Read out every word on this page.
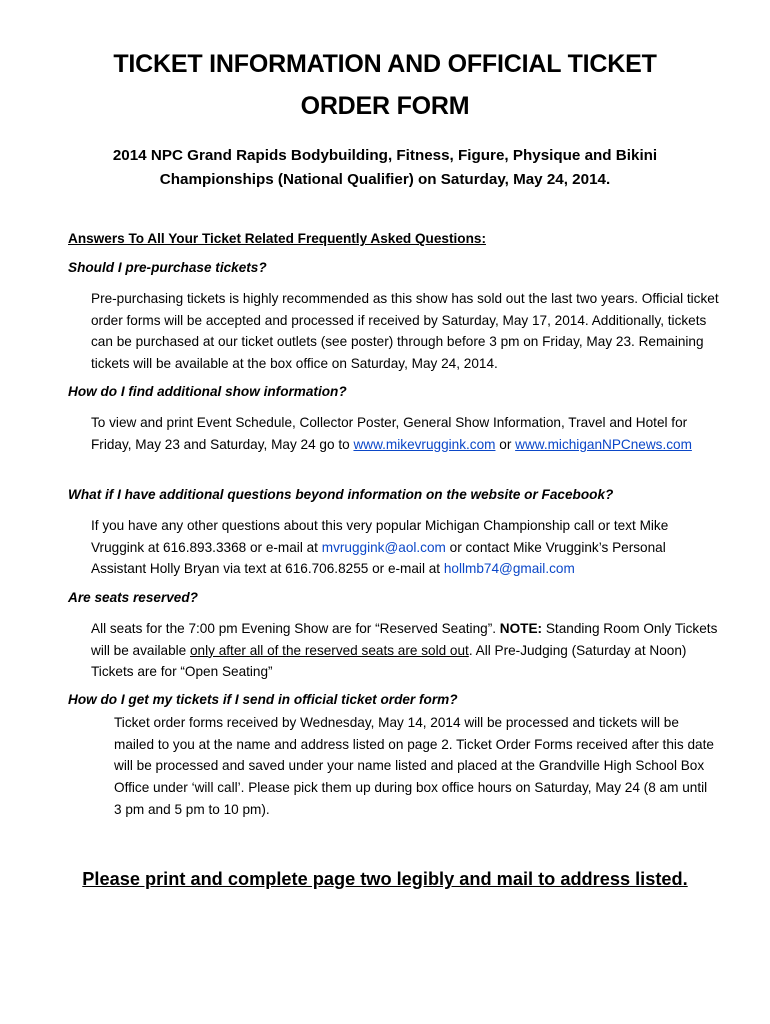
TICKET INFORMATION AND OFFICIAL TICKET
ORDER FORM
2014 NPC Grand Rapids Bodybuilding, Fitness, Figure, Physique and Bikini
Championships (National Qualifier) on Saturday, May 24, 2014.

Answers To All Your Ticket Related Frequently Asked Questions:

Should I pre-purchase tickets?

Pre-purchasing tickets is highly recommended as this show has sold out the last two years. Official ticket order forms will be accepted and processed if received by Saturday, May 17, 2014. Additionally, tickets can be purchased at our ticket outlets (see poster) through before 3 pm on Friday, May 23. Remaining tickets will be available at the box office on Saturday, May 24, 2014.

How do I find additional show information?

To view and print Event Schedule, Collector Poster, General Show Information, Travel and Hotel for Friday, May 23 and Saturday, May 24 go to www.mikevruggink.com or www.michiganNPCnews.com

What if I have additional questions beyond information on the website or Facebook?

If you have any other questions about this very popular Michigan Championship call or text Mike Vruggink at 616.893.3368 or e-mail at mvruggink@aol.com or contact Mike Vruggink’s Personal Assistant Holly Bryan via text at 616.706.8255 or e-mail at hollmb74@gmail.com

Are seats reserved?

All seats for the 7:00 pm Evening Show are for “Reserved Seating”. NOTE: Standing Room Only Tickets will be available only after all of the reserved seats are sold out. All Pre-Judging (Saturday at Noon) Tickets are for “Open Seating”

How do I get my tickets if I send in official ticket order form?

Ticket order forms received by Wednesday, May 14, 2014 will be processed and tickets will be mailed to you at the name and address listed on page 2. Ticket Order Forms received after this date will be processed and saved under your name listed and placed at the Grandville High School Box Office under ‘will call’. Please pick them up during box office hours on Saturday, May 24 (8 am until 3 pm and 5 pm to 10 pm).

Please print and complete page two legibly and mail to address listed.
